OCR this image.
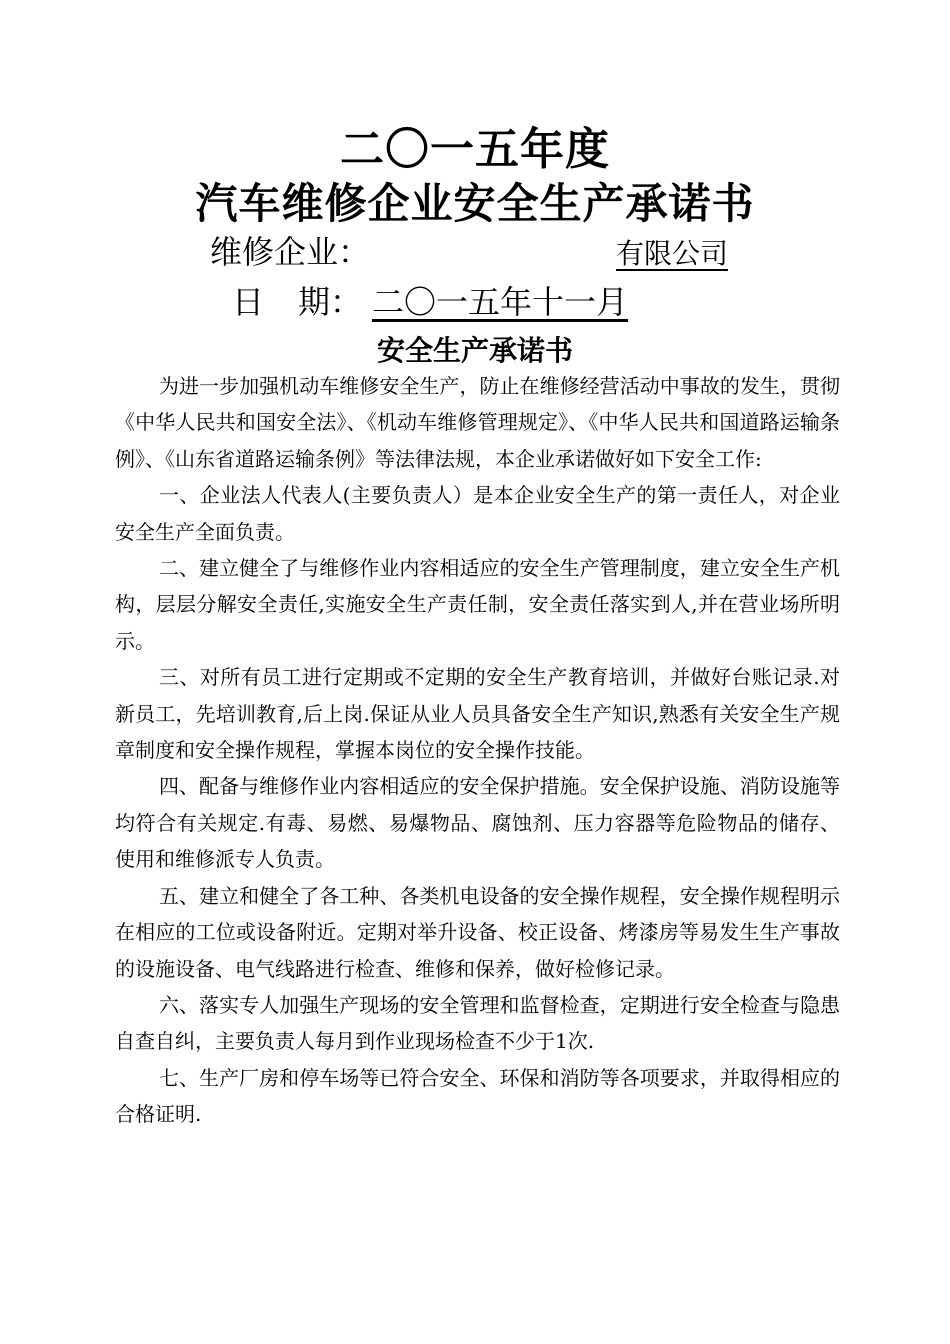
二〇一五年度
汽车维修企业安全生产承诺书
维修企业：	有限公司
日 期： 二〇一五年十一月
安全生产承诺书

为进一步加强机动车维修安全生产，防止在维修经营活动中事故的发生，贯彻《中华人民共和国安全法》、《机动车维修管理规定》、《中华人民共和国道路运输条例》、《山东省道路运输条例》等法律法规，本企业承诺做好如下安全工作:

一、企业法人代表人(主要负责人）是本企业安全生产的第一责任人，对企业安全生产全面负责。

二、建立健全了与维修作业内容相适应的安全生产管理制度，建立安全生产机构，层层分解安全责任,实施安全生产责任制，安全责任落实到人,并在营业场所明示。

三、对所有员工进行定期或不定期的安全生产教育培训，并做好台账记录.对新员工，先培训教育,后上岗.保证从业人员具备安全生产知识,熟悉有关安全生产规章制度和安全操作规程，掌握本岗位的安全操作技能。

四、配备与维修作业内容相适应的安全保护措施。安全保护设施、消防设施等均符合有关规定.有毒、易燃、易爆物品、腐蚀剂、压力容器等危险物品的储存、使用和维修派专人负责。

五、建立和健全了各工种、各类机电设备的安全操作规程，安全操作规程明示在相应的工位或设备附近。定期对举升设备、校正设备、烤漆房等易发生生产事故的设施设备、电气线路进行检查、维修和保养，做好检修记录。

六、落实专人加强生产现场的安全管理和监督检查，定期进行安全检查与隐患自查自纠，主要负责人每月到作业现场检查不少于1次.

七、生产厂房和停车场等已符合安全、环保和消防等各项要求，并取得相应的合格证明.
